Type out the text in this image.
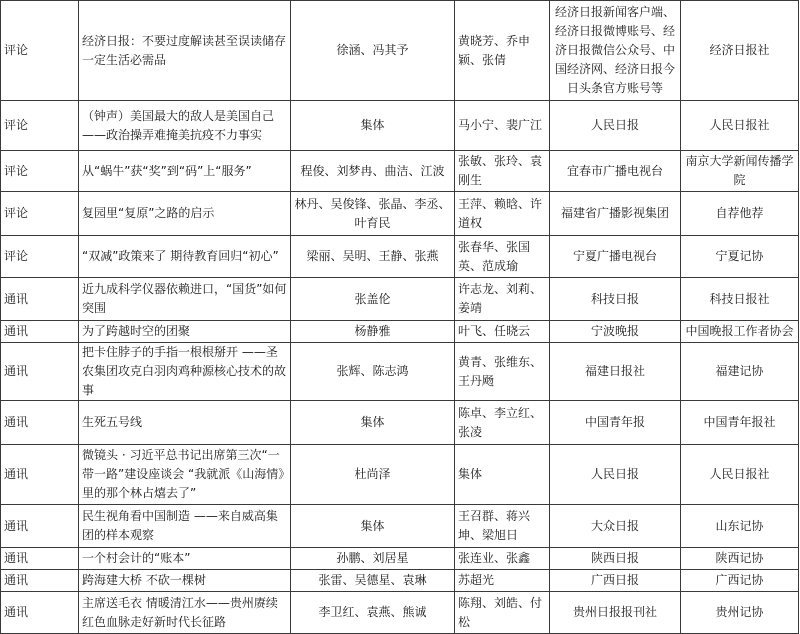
评论	经济日报：不要过度解读甚至误读储存一定生活必需品	徐涵、冯其予	黄晓芳、乔申颖、张倩	经济日报新闻客户端、经济日报微博账号、经济日报微信公众号、中国经济网、经济日报今日头条官方账号等	经济日报社
评论	（钟声）美国最大的敌人是美国自己——政治操弄难掩美抗疫不力事实	集体	马小宁、裴广江	人民日报	人民日报社
评论	从“蜗牛”获“奖”到“码”上“服务”	程俊、刘梦冉、曲洁、江波	张敏、张玲、袁刚生	宜春市广播电视台	南京大学新闻传播学院
评论	复园里“复原”之路的启示	林丹、吴俊锋、张晶、李丞、叶育民	王萍、赖晗、许道权	福建省广播影视集团	自荐他荐
评论	“双减”政策来了 期待教育回归“初心”	梁丽、吴明、王静、张燕	张春华、张国英、范成瑜	宁夏广播电视台	宁夏记协
通讯	近九成科学仪器依赖进口，“国货”如何突围	张盖伦	许志龙、刘莉、姜靖	科技日报	科技日报社
通讯	为了跨越时空的团聚	杨静雅	叶飞、任晓云	宁波晚报	中国晚报工作者协会
通讯	把卡住脖子的手指一根根掰开 ——圣农集团攻克白羽肉鸡种源核心技术的故事	张辉、陈志鸿	黄青、张维东、王丹飏	福建日报社	福建记协
通讯	生死五号线	集体	陈卓、李立红、张凌	中国青年报	中国青年报社
通讯	微镜头 · 习近平总书记出席第三次“一带一路”建设座谈会 “我就派《山海情》里的那个林占熺去了”	杜尚泽	集体	人民日报	人民日报社
通讯	民生视角看中国制造 ——来自威高集团的样本观察	集体	王召群、蒋兴坤、梁旭日	大众日报	山东记协
通讯	一个村会计的“账本”	孙鹏、刘居星	张连业、张鑫	陕西日报	陕西记协
通讯	跨海建大桥 不砍一棵树	张雷、吴德星、袁琳	苏超光	广西日报	广西记协
通讯	主席送毛衣 情暖清江水——贵州赓续红色血脉走好新时代长征路	李卫红、袁燕、熊诚	陈翔、刘皓、付松	贵州日报报刊社	贵州记协
